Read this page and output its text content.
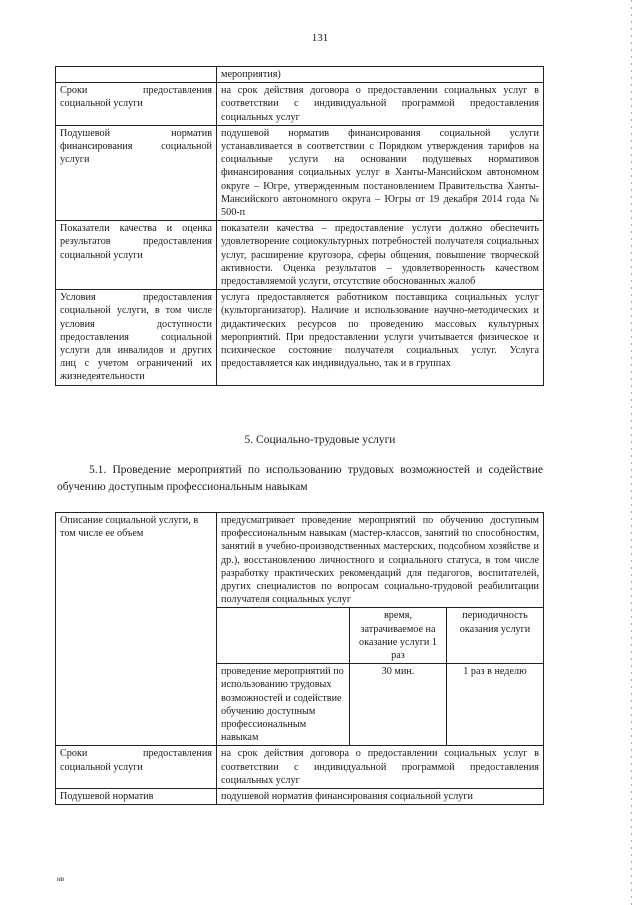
131
	мероприятия)
Сроки предоставления социальной услуги	на срок действия договора о предоставлении социальных услуг в соответствии с индивидуальной программой предоставления социальных услуг
Подушевой норматив финансирования социальной услуги	подушевой норматив финансирования социальной услуги устанавливается в соответствии с Порядком утверждения тарифов на социальные услуги на основании подушевых нормативов финансирования социальных услуг в Ханты-Мансийском автономном округе – Югре, утвержденным постановлением Правительства Ханты-Мансийского автономного округа – Югры от 19 декабря 2014 года № 500-п
Показатели качества и оценка результатов предоставления социальной услуги	показатели качества – предоставление услуги должно обеспечить удовлетворение социокультурных потребностей получателя социальных услуг, расширение кругозора, сферы общения, повышение творческой активности. Оценка результатов – удовлетворенность качеством предоставляемой услуги, отсутствие обоснованных жалоб
Условия предоставления социальной услуги, в том числе условия доступности предоставления социальной услуги для инвалидов и других лиц с учетом ограничений их жизнедеятельности	услуга предоставляется работником поставщика социальных услуг (культорганизатор). Наличие и использование научно-методических и дидактических ресурсов по проведению массовых культурных мероприятий. При предоставлении услуги учитывается физическое и психическое состояние получателя социальных услуг. Услуга предоставляется как индивидуально, так и в группах
5. Социально-трудовые услуги
5.1. Проведение мероприятий по использованию трудовых возможностей и содействие обучению доступным профессиональным навыкам
Описание социальной услуги, в том числе ее объем	предусматривает проведение мероприятий по обучению доступным профессиональным навыкам (мастер-классов, занятий по способностям, занятий в учебно-производственных мастерских, подсобном хозяйстве и др.), восстановлению личностного и социального статуса, в том числе разработку практических рекомендаций для педагогов, воспитателей, других специалистов по вопросам социально-трудовой реабилитации получателя социальных услуг		
		время, затрачиваемое на оказание услуги 1 раз	периодичность оказания услуги
	проведение мероприятий по использованию трудовых возможностей и содействие обучению доступным профессиональным навыкам	30 мин.	1 раз в неделю
Сроки предоставления социальной услуги	на срок действия договора о предоставлении социальных услуг в соответствии с индивидуальной программой предоставления социальных услуг		
Подушевой норматив	подушевой норматив финансирования социальной услуги		
нв
